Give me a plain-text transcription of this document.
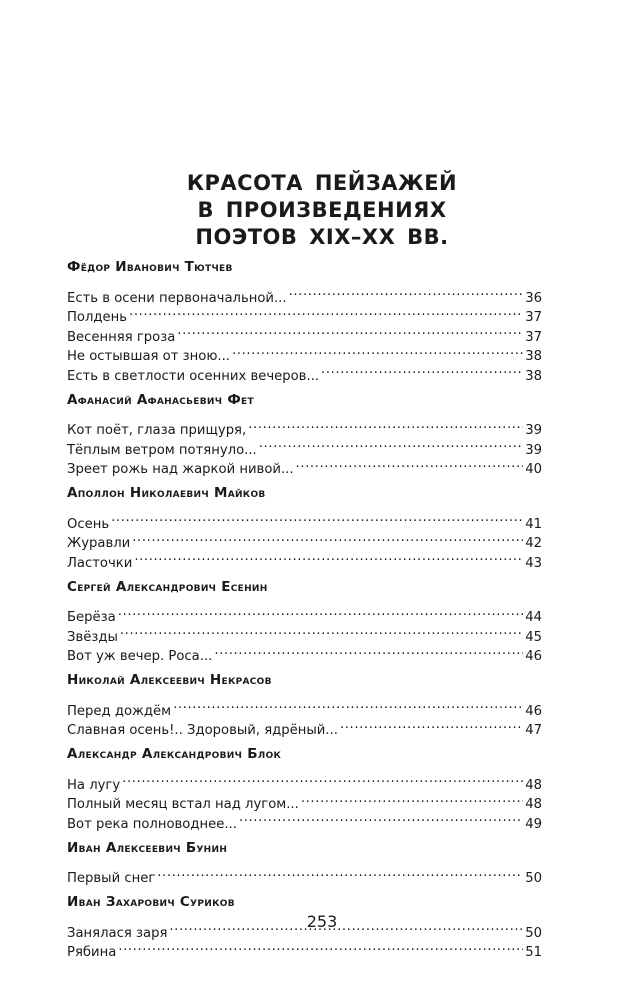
КРАСОТА ПЕЙЗАЖЕЙ
В ПРОИЗВЕДЕНИЯХ
ПОЭТОВ XIX–XX ВВ.
Фёдор Иванович Тютчев
Есть в осени первоначальной... .....	36
Полдень .....	37
Весенняя гроза .....	37
Не остывшая от зною... .....	38
Есть в светлости осенних вечеров... .....	38
Афанасий Афанасьевич Фет
Кот поёт, глаза прищуря, .....	39
Тёплым ветром потянуло... .....	39
Зреет рожь над жаркой нивой... .....	40
Аполлон Николаевич Майков
Осень .....	41
Журавли .....	42
Ласточки .....	43
Сергей Александрович Есенин
Берёза .....	44
Звёзды .....	45
Вот уж вечер. Роса... .....	46
Николай Алексеевич Некрасов
Перед дождём .....	46
Славная осень!.. Здоровый, ядрёный... .....	47
Александр Александрович Блок
На лугу .....	48
Полный месяц встал над лугом... .....	48
Вот река полноводнее... .....	49
Иван Алексеевич Бунин
Первый снег .....	50
Иван Захарович Суриков
Занялася заря .....	50
Рябина .....	51
253
